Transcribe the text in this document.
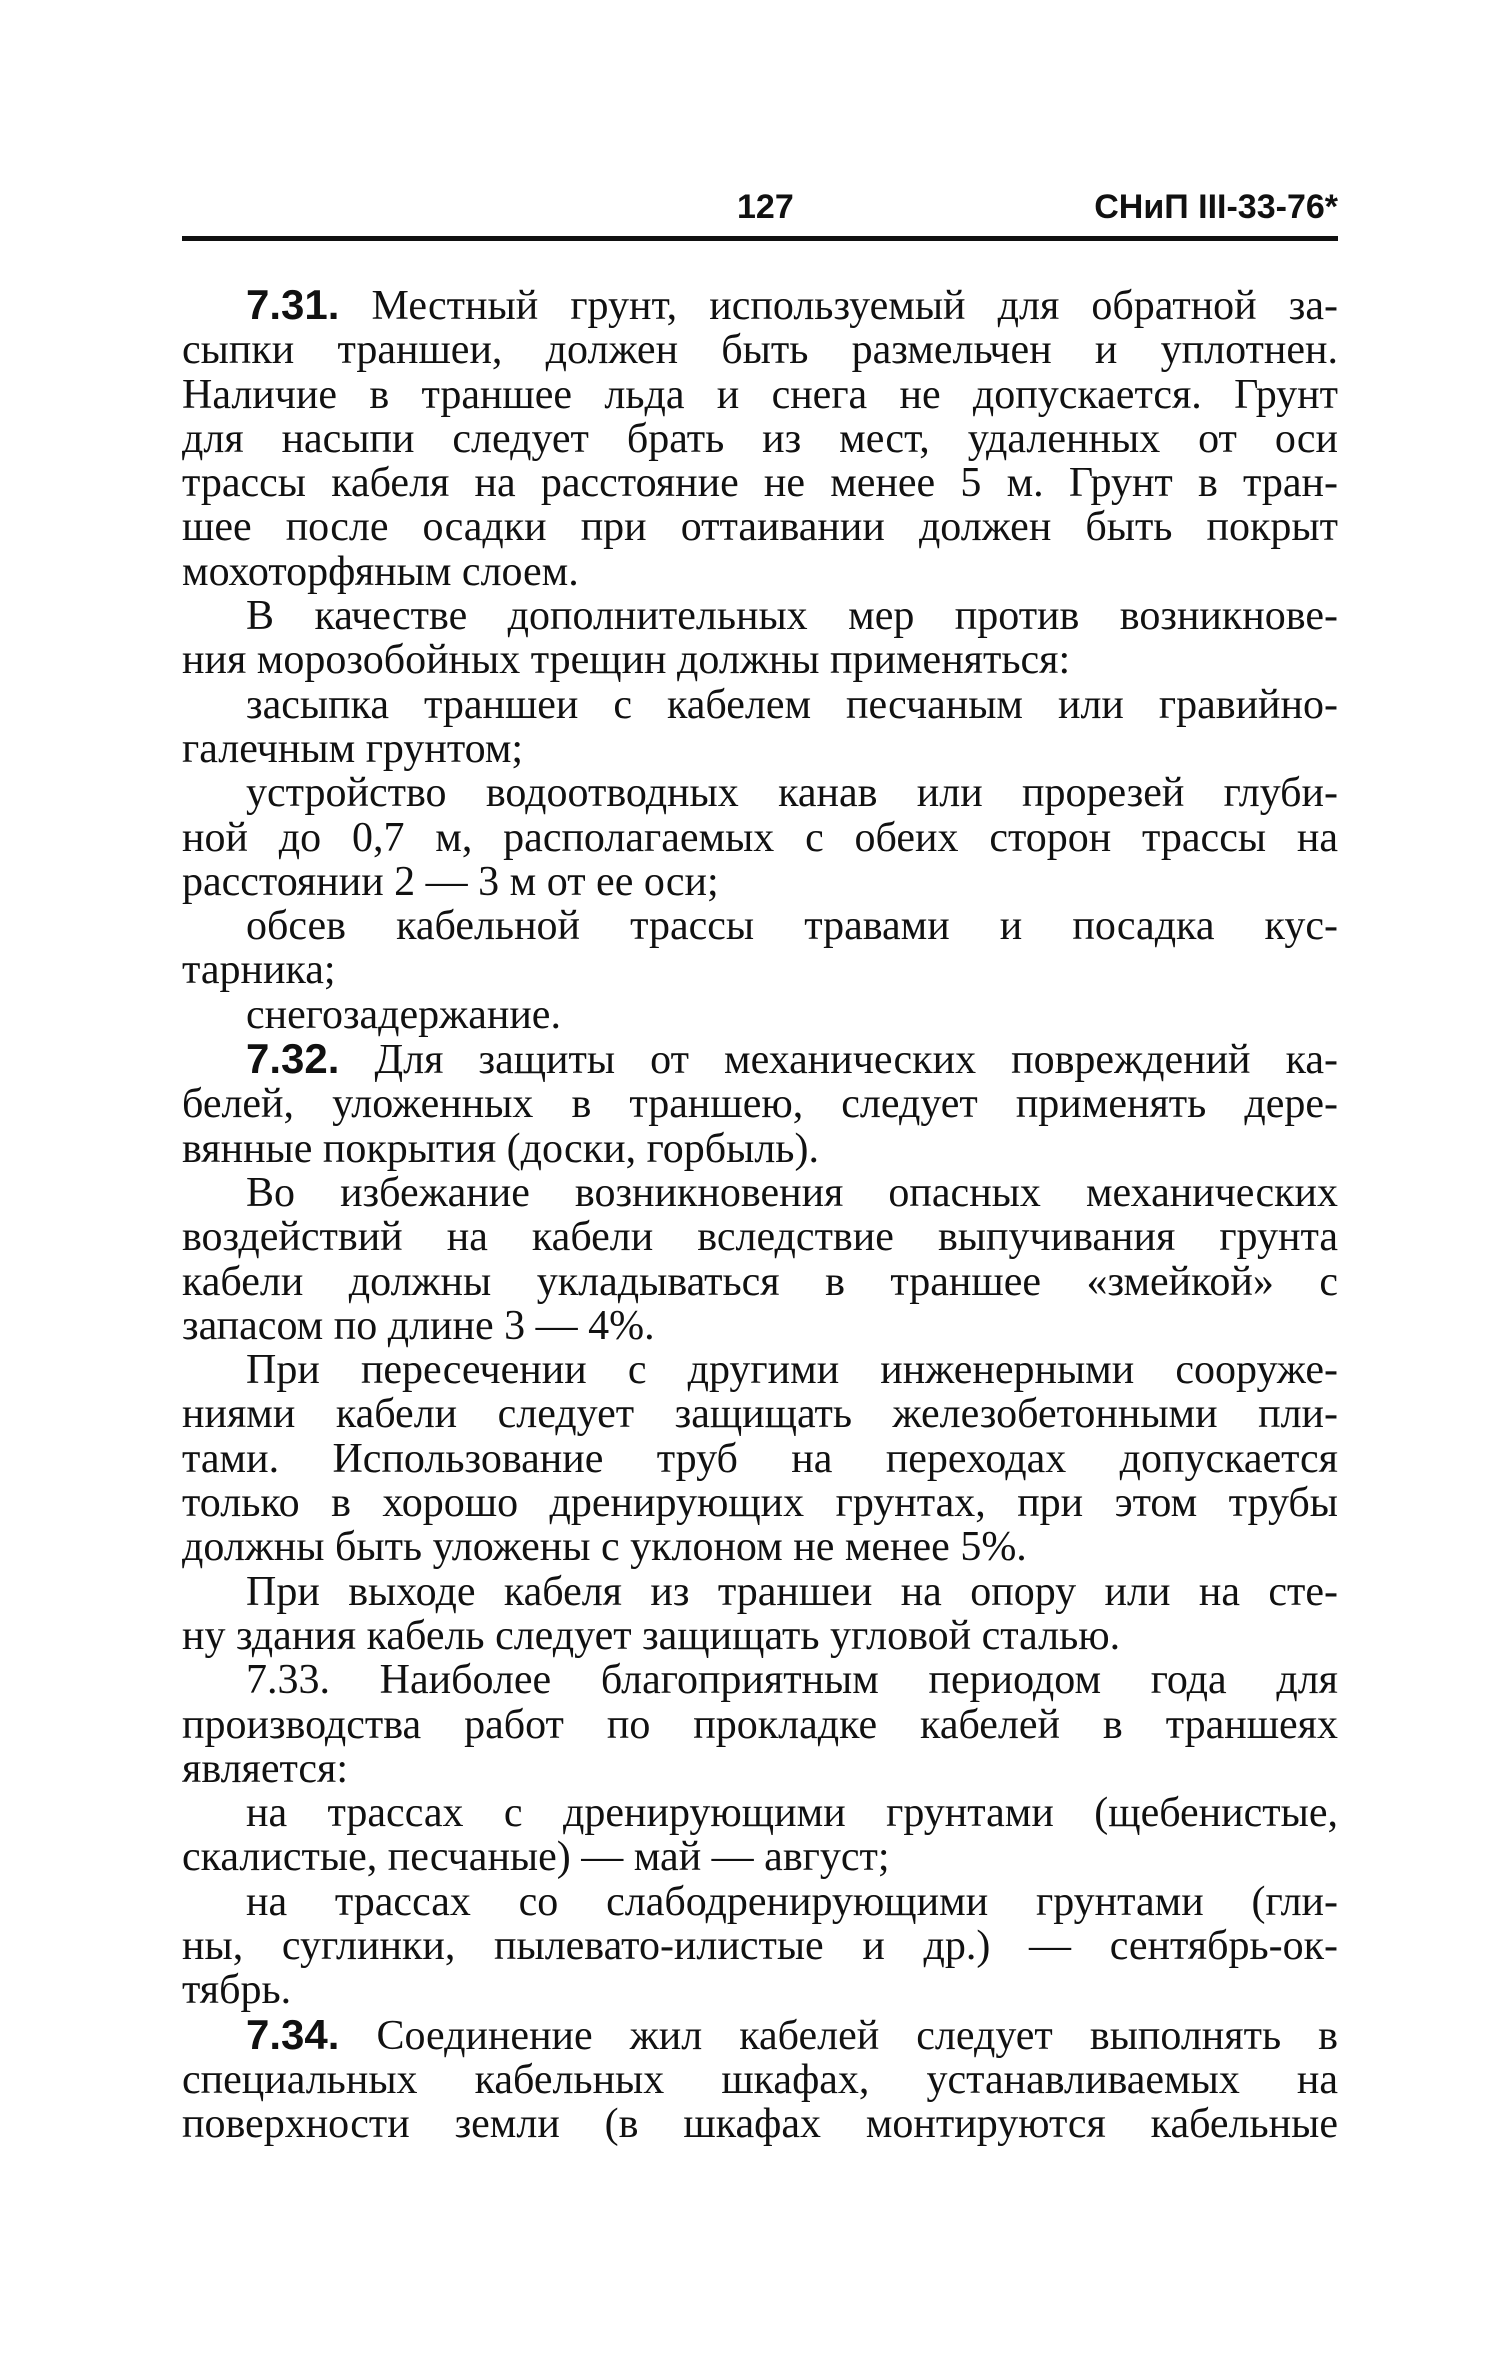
127	СНиП III-33-76*
7.31. Местный грунт, используемый для обратной за-
сыпки траншеи, должен быть размельчен и уплотнен.
Наличие в траншее льда и снега не допускается. Грунт
для насыпи следует брать из мест, удаленных от оси
трассы кабеля на расстояние не менее 5 м. Грунт в тран-
шее после осадки при оттаивании должен быть покрыт
мохоторфяным слоем.
В качестве дополнительных мер против возникнове-
ния морозобойных трещин должны применяться:
засыпка траншеи с кабелем песчаным или гравийно-
галечным грунтом;
устройство водоотводных канав или прорезей глуби-
ной до 0,7 м, располагаемых с обеих сторон трассы на
расстоянии 2 — 3 м от ее оси;
обсев кабельной трассы травами и посадка кус-
тарника;
снегозадержание.
7.32. Для защиты от механических повреждений ка-
белей, уложенных в траншею, следует применять дере-
вянные покрытия (доски, горбыль).
Во избежание возникновения опасных механических
воздействий на кабели вследствие выпучивания грунта
кабели должны укладываться в траншее «змейкой» с
запасом по длине 3 — 4%.
При пересечении с другими инженерными сооруже-
ниями кабели следует защищать железобетонными пли-
тами. Использование труб на переходах допускается
только в хорошо дренирующих грунтах, при этом трубы
должны быть уложены с уклоном не менее 5%.
При выходе кабеля из траншеи на опору или на сте-
ну здания кабель следует защищать угловой сталью.
7.33. Наиболее благоприятным периодом года для
производства работ по прокладке кабелей в траншеях
является:
на трассах с дренирующими грунтами (щебенистые,
скалистые, песчаные) — май — август;
на трассах со слабодренирующими грунтами (гли-
ны, суглинки, пылевато-илистые и др.) — сентябрь-ок-
тябрь.
7.34. Соединение жил кабелей следует выполнять в
специальных кабельных шкафах, устанавливаемых на
поверхности земли (в шкафах монтируются кабельные
